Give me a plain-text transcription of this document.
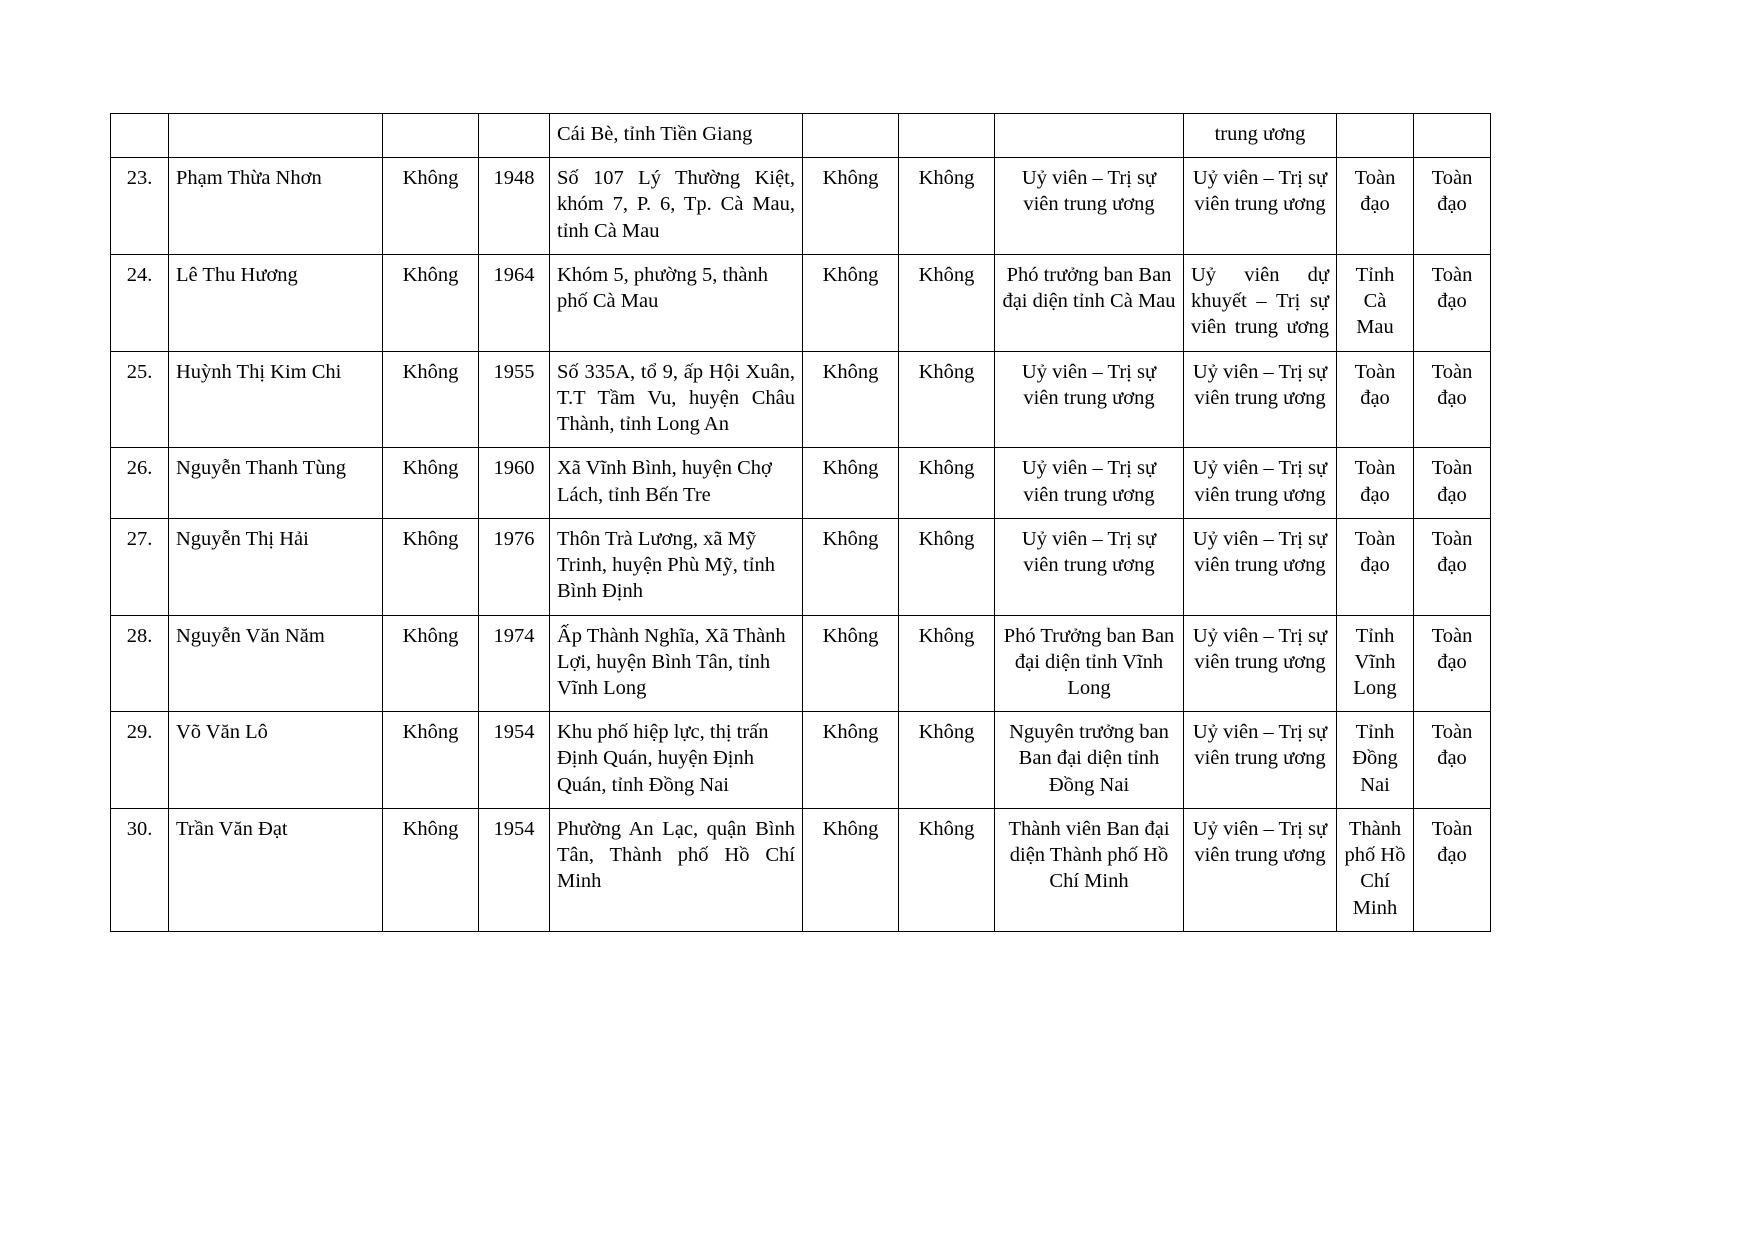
				Cái Bè, tỉnh Tiền Giang				trung ương		
23.	Phạm Thừa Nhơn	Không	1948	Số 107 Lý Thường Kiệt, khóm 7, P. 6, Tp. Cà Mau, tỉnh Cà Mau	Không	Không	Uỷ viên – Trị sự viên trung ương	Uỷ viên – Trị sự viên trung ương	Toàn đạo	Toàn đạo
24.	Lê Thu Hương	Không	1964	Khóm 5, phường 5, thành phố Cà Mau	Không	Không	Phó trưởng ban Ban đại diện tỉnh Cà Mau	Uỷ viên dự khuyết – Trị sự viên trung ương	Tỉnh Cà Mau	Toàn đạo
25.	Huỳnh Thị Kim Chi	Không	1955	Số 335A, tổ 9, ấp Hội Xuân, T.T Tầm Vu, huyện Châu Thành, tỉnh Long An	Không	Không	Uỷ viên – Trị sự viên trung ương	Uỷ viên – Trị sự viên trung ương	Toàn đạo	Toàn đạo
26.	Nguyễn Thanh Tùng	Không	1960	Xã Vĩnh Bình, huyện Chợ Lách, tỉnh Bến Tre	Không	Không	Uỷ viên – Trị sự viên trung ương	Uỷ viên – Trị sự viên trung ương	Toàn đạo	Toàn đạo
27.	Nguyễn Thị Hải	Không	1976	Thôn Trà Lương, xã Mỹ Trinh, huyện Phù Mỹ, tỉnh Bình Định	Không	Không	Uỷ viên – Trị sự viên trung ương	Uỷ viên – Trị sự viên trung ương	Toàn đạo	Toàn đạo
28.	Nguyễn Văn Năm	Không	1974	Ấp Thành Nghĩa, Xã Thành Lợi, huyện Bình Tân, tỉnh Vĩnh Long	Không	Không	Phó Trưởng ban Ban đại diện tỉnh Vĩnh Long	Uỷ viên – Trị sự viên trung ương	Tỉnh Vĩnh Long	Toàn đạo
29.	Võ Văn Lô	Không	1954	Khu phố hiệp lực, thị trấn Định Quán, huyện Định Quán, tỉnh Đồng Nai	Không	Không	Nguyên trưởng ban Ban đại diện tỉnh Đồng Nai	Uỷ viên – Trị sự viên trung ương	Tỉnh Đồng Nai	Toàn đạo
30.	Trần Văn Đạt	Không	1954	Phường An Lạc, quận Bình Tân, Thành phố Hồ Chí Minh	Không	Không	Thành viên Ban đại diện Thành phố Hồ Chí Minh	Uỷ viên – Trị sự viên trung ương	Thành phố Hồ Chí Minh	Toàn đạo
